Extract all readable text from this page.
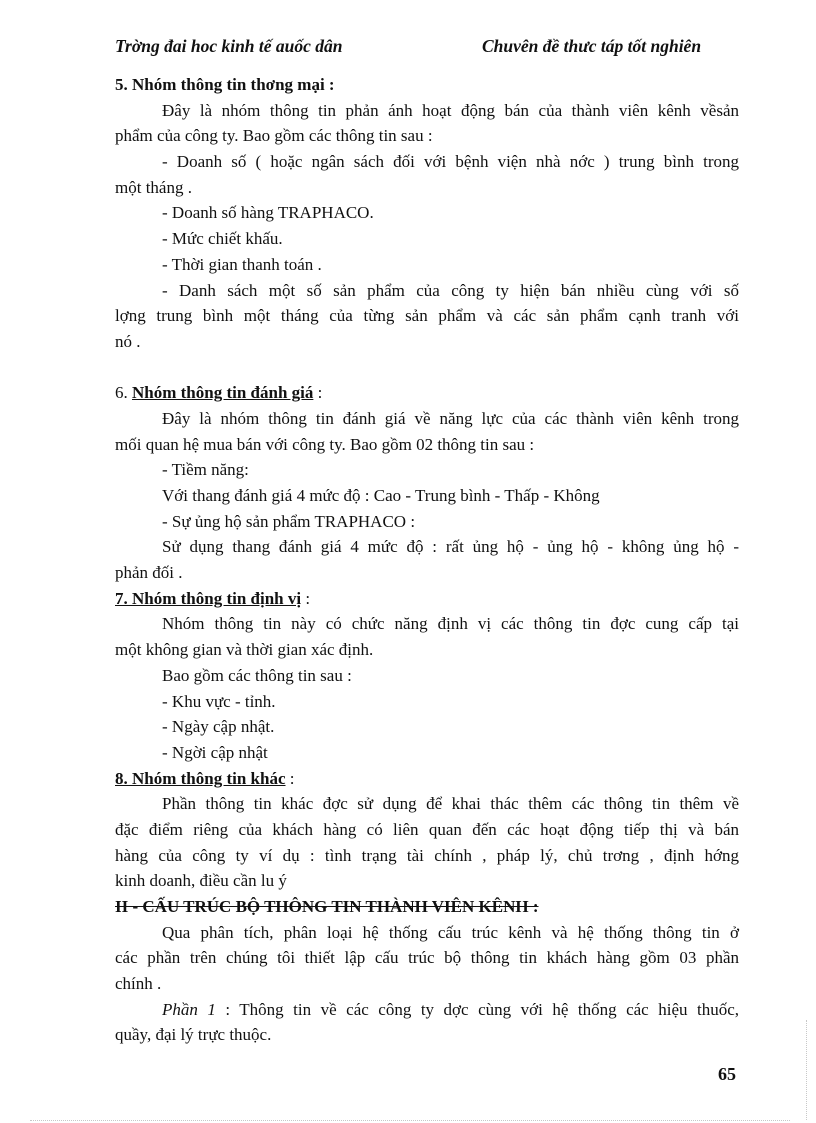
Trờng đai hoc kinh tế auốc dân	Chuvên đề thưc táp tốt nghiên
5. Nhóm thông tin thơng mại :
Đây là nhóm thông tin phản ánh hoạt động bán của thành viên kênh vềsản
phẩm của công ty. Bao gồm các thông tin sau :
- Doanh số ( hoặc ngân sách đối với bệnh viện nhà nớc ) trung bình trong
một tháng .
- Doanh số hàng TRAPHACO.
- Mức chiết khấu.
- Thời gian thanh toán .
- Danh sách một số sản phẩm của công ty hiện bán nhiều cùng với số
lợng trung bình một tháng của từng sản phẩm và các sản phẩm cạnh tranh với
nó .
6. Nhóm thông tin đánh giá :
Đây là nhóm thông tin đánh giá về năng lực của các thành viên kênh trong
mối quan hệ mua bán với công ty. Bao gồm 02 thông tin sau :
- Tiềm năng:
Với thang đánh giá 4 mức độ : Cao - Trung bình - Thấp - Không
- Sự ủng hộ sản phẩm TRAPHACO :
Sử dụng thang đánh giá 4 mức độ : rất ủng hộ - ủng hộ - không ủng hộ -
phản đối .
7. Nhóm thông tin định vị :
Nhóm thông tin này có chức năng định vị các thông tin đợc cung cấp tại
một không gian và thời gian xác định.
Bao gồm các thông tin sau :
- Khu vực - tỉnh.
- Ngày cập nhật.
- Ngời cập nhật
8. Nhóm thông tin khác :
Phần thông tin khác đợc sử dụng để khai thác thêm các thông tin thêm về
đặc điểm riêng của khách hàng có liên quan đến các hoạt động tiếp thị và bán
hàng của công ty ví dụ : tình trạng tài chính , pháp lý, chủ trơng , định hớng
kinh doanh, điều cần lu ý
II - CẤU TRÚC BỘ THÔNG TIN THÀNH VIÊN KÊNH :
Qua phân tích, phân loại hệ thống cấu trúc kênh và hệ thống thông tin ở
các phần trên chúng tôi thiết lập cấu trúc bộ thông tin khách hàng gồm 03 phần
chính .
Phần 1 : Thông tin về các công ty dợc cùng với hệ thống các hiệu thuốc,
quầy, đại lý trực thuộc.
65
